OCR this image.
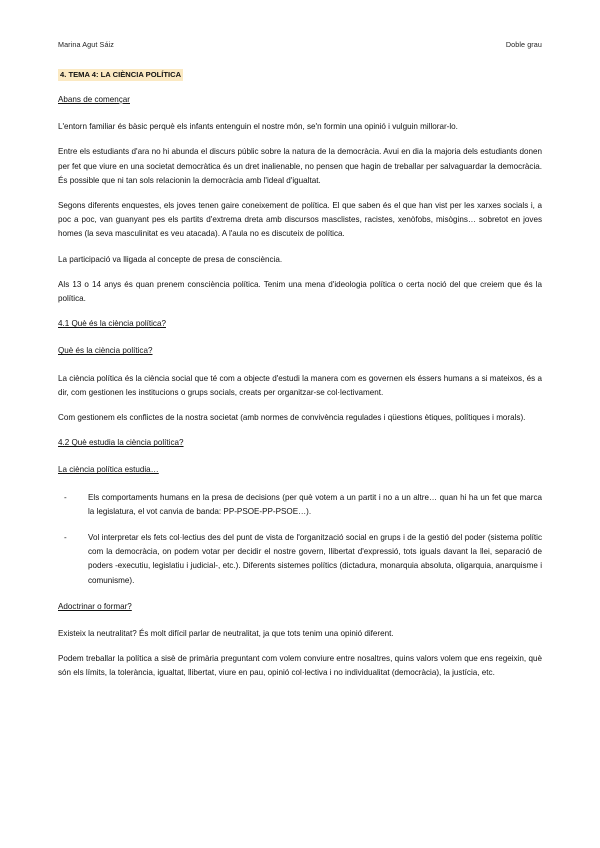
Marina Agut Sáiz	Doble grau
4. TEMA 4: LA CIÈNCIA POLÍTICA
Abans de començar

L'entorn familiar és bàsic perquè els infants entenguin el nostre món, se'n formin una opinió i vulguin millorar-lo.

Entre els estudiants d'ara no hi abunda el discurs públic sobre la natura de la democràcia. Avui en dia la majoria dels estudiants donen per fet que viure en una societat democràtica és un dret inalienable, no pensen que hagin de treballar per salvaguardar la democràcia. És possible que ni tan sols relacionin la democràcia amb l'ideal d'igualtat.

Segons diferents enquestes, els joves tenen gaire coneixement de política. El que saben és el que han vist per les xarxes socials i, a poc a poc, van guanyant pes els partits d'extrema dreta amb discursos masclistes, racistes, xenòfobs, misògins… sobretot en joves homes (la seva masculinitat es veu atacada). A l'aula no es discuteix de política.

La participació va lligada al concepte de presa de consciència.

Als 13 o 14 anys és quan prenem consciència política. Tenim una mena d'ideologia política o certa noció del que creiem que és la política.

4.1 Què és la ciència política?
Què és la ciència política?

La ciència política és la ciència social que té com a objecte d'estudi la manera com es governen els éssers humans a si mateixos, és a dir, com gestionen les institucions o grups socials, creats per organitzar-se col·lectivament.

Com gestionem els conflictes de la nostra societat (amb normes de convivència regulades i qüestions ètiques, polítiques i morals).

4.2 Què estudia la ciència política?
La ciència política estudia…
- Els comportaments humans en la presa de decisions (per què votem a un partit i no a un altre… quan hi ha un fet que marca la legislatura, el vot canvia de banda: PP-PSOE-PP-PSOE…).
- Vol interpretar els fets col·lectius des del punt de vista de l'organització social en grups i de la gestió del poder (sistema polític com la democràcia, on podem votar per decidir el nostre govern, llibertat d'expressió, tots iguals davant la llei, separació de poders -executiu, legislatiu i judicial-, etc.). Diferents sistemes polítics (dictadura, monarquia absoluta, oligarquia, anarquisme i comunisme).
Adoctrinar o formar?

Existeix la neutralitat? És molt difícil parlar de neutralitat, ja que tots tenim una opinió diferent.

Podem treballar la política a sisè de primària preguntant com volem conviure entre nosaltres, quins valors volem que ens regeixin, què són els límits, la tolerància, igualtat, llibertat, viure en pau, opinió col·lectiva i no individualitat (democràcia), la justícia, etc.
